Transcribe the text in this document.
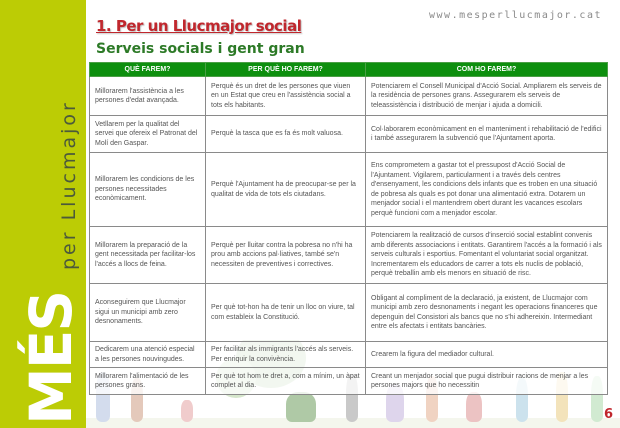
per Llucmajor
MÉS
www.mesperllucmajor.cat
1. Per un Llucmajor social
Serveis socials i gent gran
QUÈ FAREM?	PER QUÈ HO FAREM?	COM HO FAREM?
Millorarem l'assistència a les persones d'edat avançada.	Perquè és un dret de les persones que viuen en un Estat que creu en l'assistència social a tots els habitants.	Potenciarem el Consell Municipal d'Acció Social. Ampliarem els serveis de la residència de persones grans. Assegurarem els serveis de teleassistència i distribució de menjar i ajuda a domicili.
Vetllarem per la qualitat del servei que ofereix el Patronat del Molí den Gaspar.	Perquè la tasca que es fa és molt valuosa.	Col·laborarem econòmicament en el manteniment i rehabilitació de l'edifici i també assegurarem la subvenció que l'Ajuntament aporta.
Millorarem les condicions de les persones necessitades econòmicament.	Perquè l'Ajuntament ha de preocupar-se per la qualitat de vida de tots els ciutadans.	Ens comprometem a gastar tot el pressupost d'Acció Social de l'Ajuntament. Vigilarem, particularment i a través dels centres d'ensenyament, les condicions dels infants que es troben en una situació de pobresa als quals es pot donar una alimentació extra. Dotarem un menjador social i el mantendrem obert durant les vacances escolars perquè funcioni com a menjador escolar.
Millorarem la preparació de la gent necessitada per facilitar-los l'accés a llocs de feina.	Perquè per lluitar contra la pobresa no n'hi ha prou amb accions pal·liatives, també se'n necessiten de preventives i correctives.	Potenciarem la realització de cursos d'inserció social establint convenis amb diferents associacions i entitats. Garantirem l'accés a la formació i als serveis culturals i esportius. Fomentant el voluntariat social organitzat. Incrementarem els educadors de carrer a tots els nuclis de població, perquè treballin amb els menors en situació de risc.
Aconseguirem que Llucmajor sigui un municipi amb zero desnonaments.	Per què tot-hon ha de tenir un lloc on viure, tal com estableix la Constitució.	Obligant al compliment de la declaració, ja existent, de Llucmajor com municipi amb zero desnonaments i negant les operacions financeres que depenguin del Consistori als bancs que no s'hi adhereixin. Intermediant entre els afectats i entitats bancàries.
Dedicarem una atenció especial a les persones nouvingudes.	Per facilitar als immigrants l'accés als serveis. Per enriquir la convivència.	Crearem la figura del mediador cultural.
Millorarem l'alimentació de les persones grans.	Per què tot hom te dret a, com a mínim, un àpat complet al dia.	Creant un menjador social que pugui distribuir racions de menjar a les persones majors que ho necessitin
6
